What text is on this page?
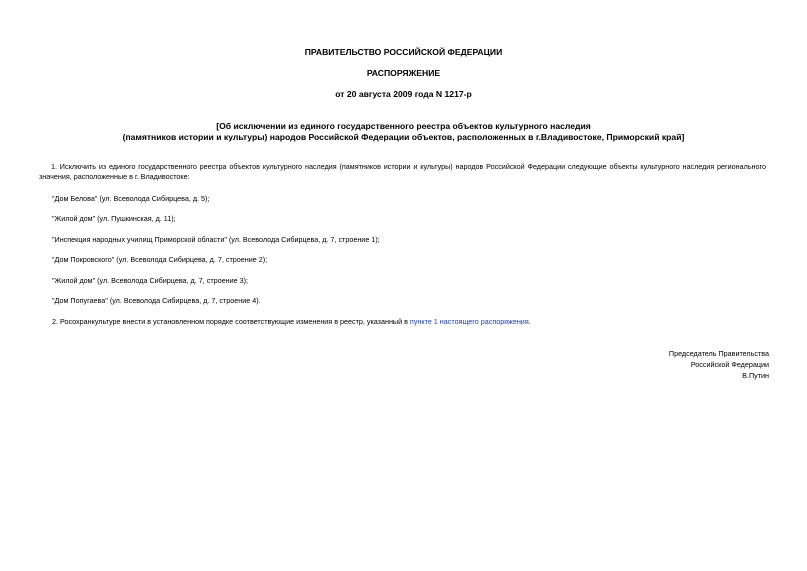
ПРАВИТЕЛЬСТВО РОССИЙСКОЙ ФЕДЕРАЦИИ
РАСПОРЯЖЕНИЕ
от 20 августа 2009 года N 1217-р
[Об исключении из единого государственного реестра объектов культурного наследия
(памятников истории и культуры) народов Российской Федерации объектов, расположенных в г.Владивостоке, Приморский край]
1. Исключить из единого государственного реестра объектов культурного наследия (памятников истории и культуры) народов Российской Федерации следующие объекты культурного наследия регионального значения, расположенные в г. Владивостоке:
"Дом Белова" (ул. Всеволода Сибирцева, д. 5);
"Жилой дом" (ул. Пушкинская, д. 11);
"Инспекция народных училищ Приморской области" (ул. Всеволода Сибирцева, д. 7, строение 1);
"Дом Покровского" (ул. Всеволода Сибирцева, д. 7, строение 2);
"Жилой дом" (ул. Всеволода Сибирцева, д. 7, строение 3);
"Дом Попугаева" (ул. Всеволода Сибирцева, д. 7, строение 4).
2. Росохранкультуре внести в установленном порядке соответствующие изменения в реестр, указанный в пункте 1 настоящего распоряжения.
Председатель Правительства
Российской Федерации
В.Путин
